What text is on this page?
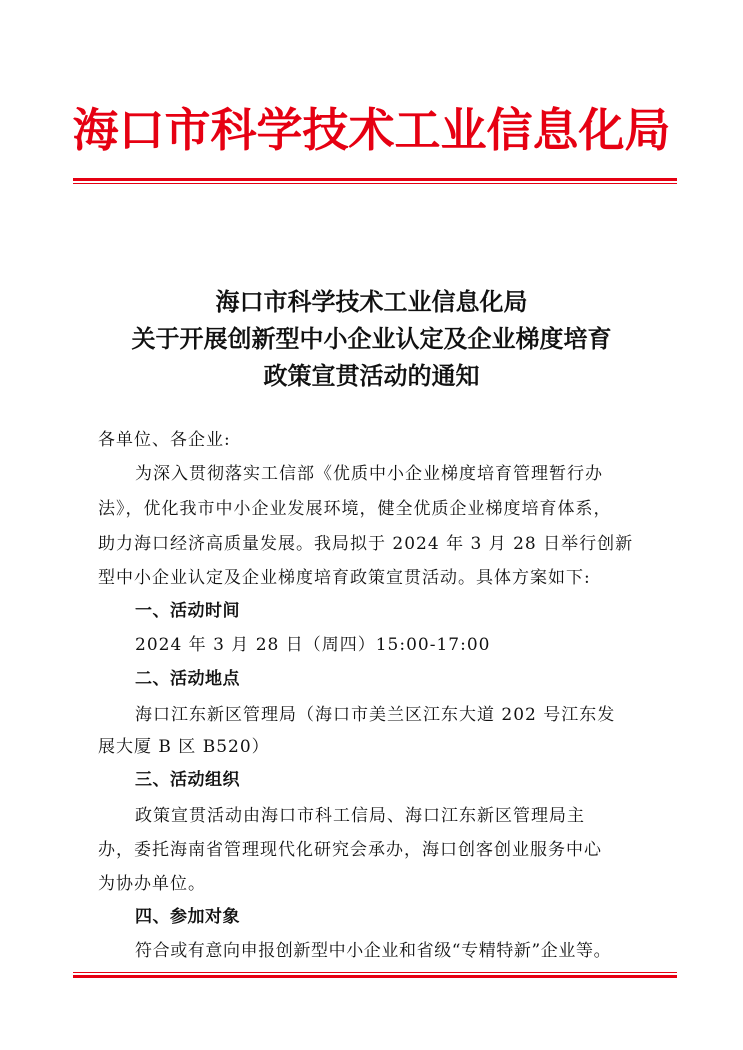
海口市科学技术工业信息化局
海口市科学技术工业信息化局
关于开展创新型中小企业认定及企业梯度培育
政策宣贯活动的通知
各单位、各企业:
为深入贯彻落实工信部《优质中小企业梯度培育管理暂行办
法》，优化我市中小企业发展环境，健全优质企业梯度培育体系，
助力海口经济高质量发展。我局拟于 2024 年 3 月 28 日举行创新
型中小企业认定及企业梯度培育政策宣贯活动。具体方案如下:
一、活动时间
2024 年 3 月 28 日（周四）15:00-17:00
二、活动地点
海口江东新区管理局（海口市美兰区江东大道 202 号江东发
展大厦 B 区 B520）
三、活动组织
政策宣贯活动由海口市科工信局、海口江东新区管理局主
办，委托海南省管理现代化研究会承办，海口创客创业服务中心
为协办单位。
四、参加对象
符合或有意向申报创新型中小企业和省级“专精特新”企业等。
